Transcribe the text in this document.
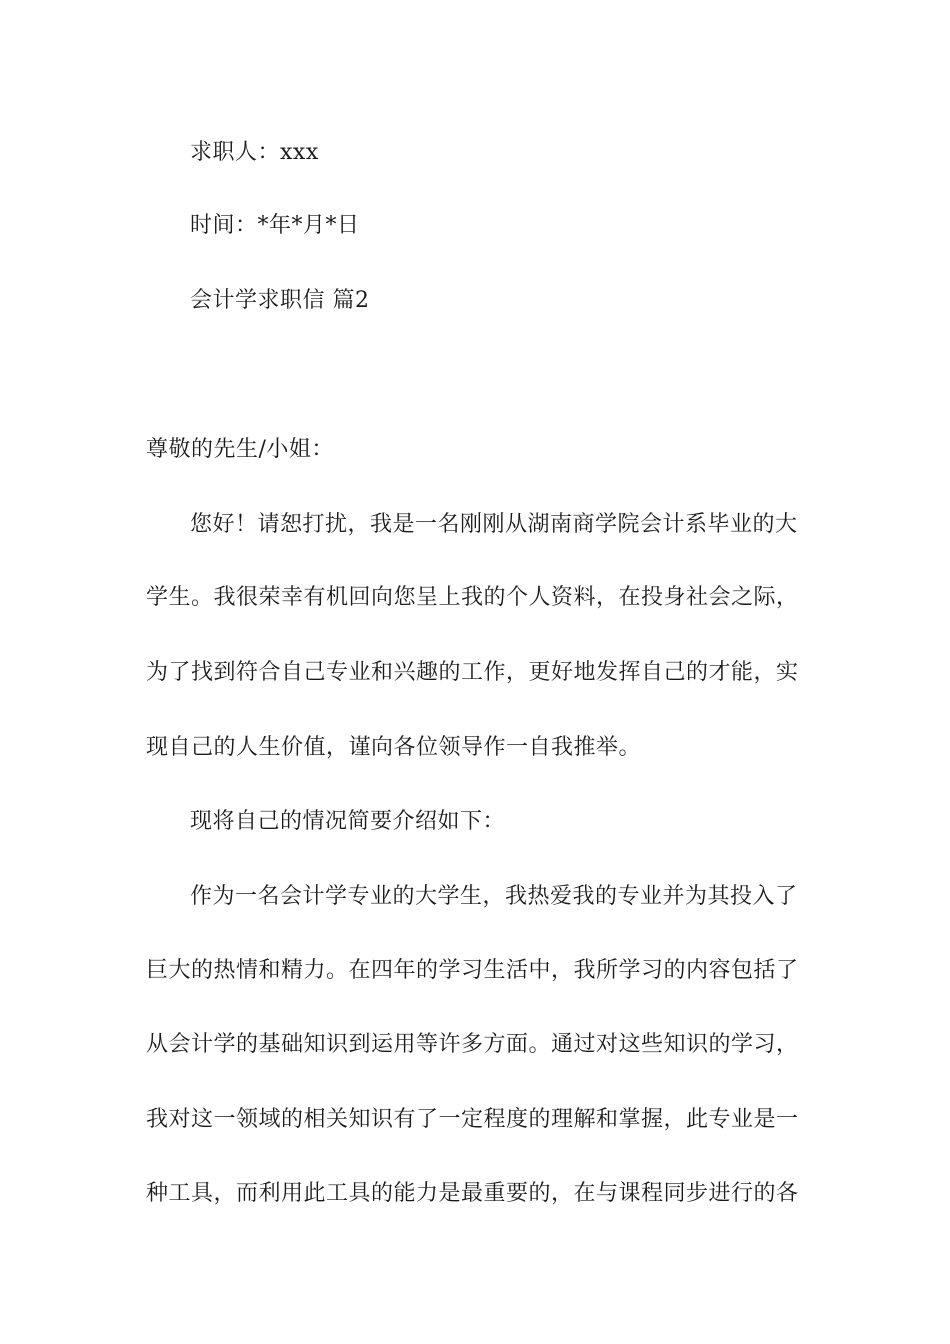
求职人：xxx
时间：*年*月*日
会计学求职信 篇2
尊敬的先生/小姐：
您好！请恕打扰，我是一名刚刚从湖南商学院会计系毕业的大
学生。我很荣幸有机回向您呈上我的个人资料，在投身社会之际，
为了找到符合自己专业和兴趣的工作，更好地发挥自己的才能，实
现自己的人生价值，谨向各位领导作一自我推举。
现将自己的情况简要介绍如下：
作为一名会计学专业的大学生，我热爱我的专业并为其投入了
巨大的热情和精力。在四年的学习生活中，我所学习的内容包括了
从会计学的基础知识到运用等许多方面。通过对这些知识的学习，
我对这一领域的相关知识有了一定程度的理解和掌握，此专业是一
种工具，而利用此工具的能力是最重要的，在与课程同步进行的各
